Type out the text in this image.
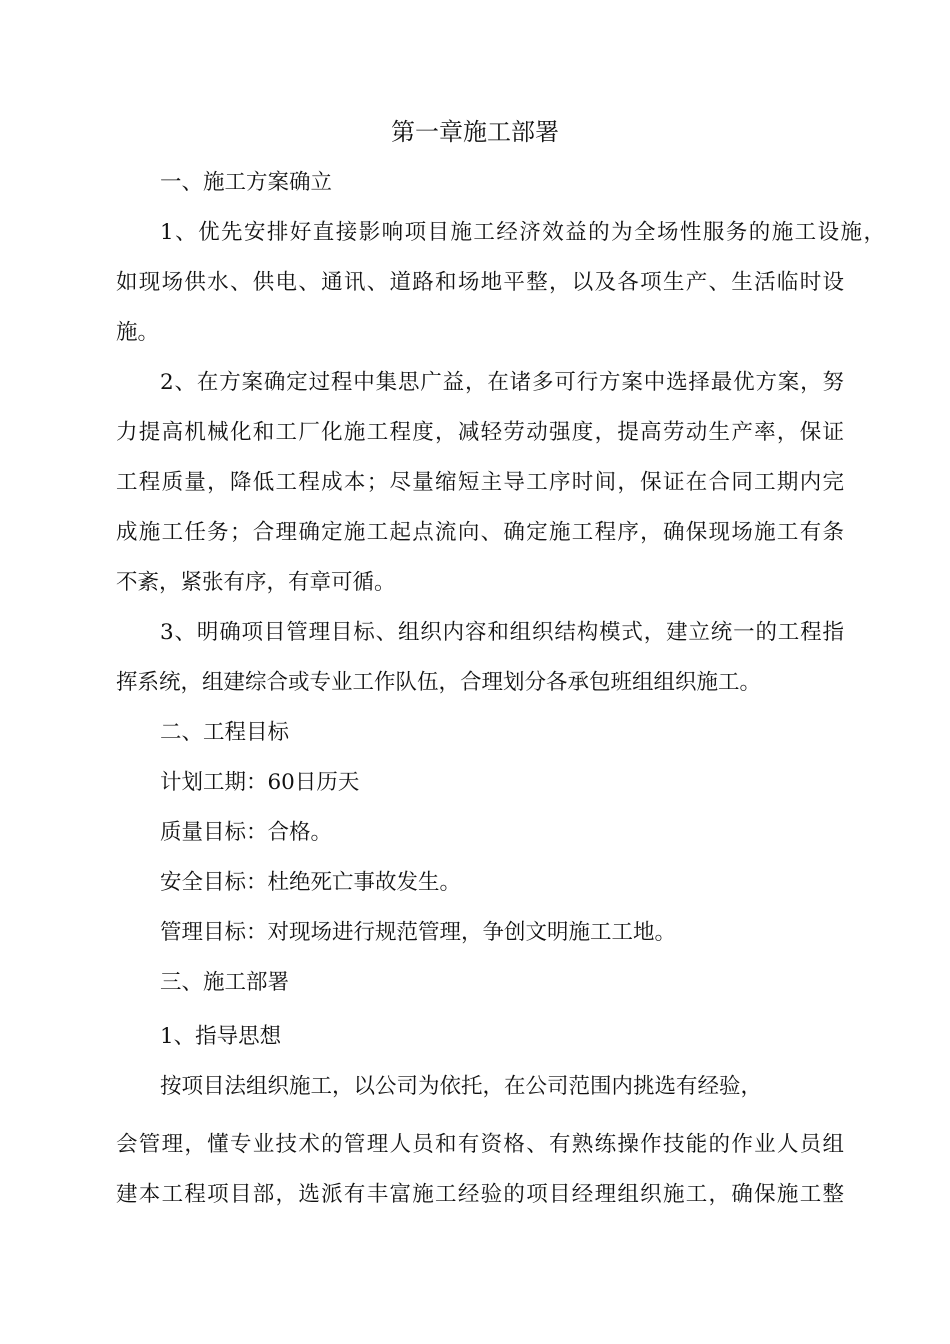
第一章施工部署
一、施工方案确立
1、优先安排好直接影响项目施工经济效益的为全场性服务的施工设施，
如现场供水、供电、通讯、道路和场地平整，以及各项生产、生活临时设
施。
2、在方案确定过程中集思广益，在诸多可行方案中选择最优方案，努
力提高机械化和工厂化施工程度，减轻劳动强度，提高劳动生产率，保证
工程质量，降低工程成本；尽量缩短主导工序时间，保证在合同工期内完
成施工任务；合理确定施工起点流向、确定施工程序，确保现场施工有条
不紊，紧张有序，有章可循。
3、明确项目管理目标、组织内容和组织结构模式，建立统一的工程指
挥系统，组建综合或专业工作队伍，合理划分各承包班组组织施工。
二、工程目标
计划工期：60日历天
质量目标：合格。
安全目标：杜绝死亡事故发生。
管理目标：对现场进行规范管理，争创文明施工工地。
三、施工部署
1、指导思想
按项目法组织施工，以公司为依托，在公司范围内挑选有经验，
会管理，懂专业技术的管理人员和有资格、有熟练操作技能的作业人员组
建本工程项目部，选派有丰富施工经验的项目经理组织施工，确保施工整
